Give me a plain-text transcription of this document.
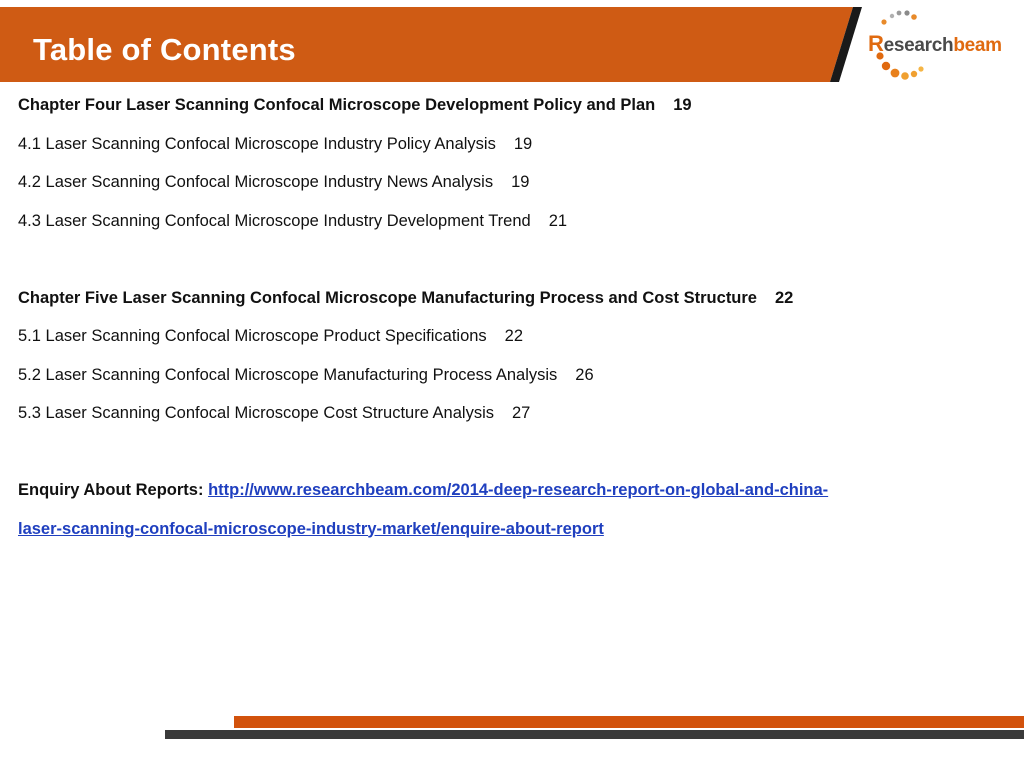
Table of Contents	Researchbeam
Chapter Four Laser Scanning Confocal Microscope Development Policy and Plan 19
4.1 Laser Scanning Confocal Microscope Industry Policy Analysis 19
4.2 Laser Scanning Confocal Microscope Industry News Analysis 19
4.3 Laser Scanning Confocal Microscope Industry Development Trend 21
Chapter Five Laser Scanning Confocal Microscope Manufacturing Process and Cost Structure 22
5.1 Laser Scanning Confocal Microscope Product Specifications 22
5.2 Laser Scanning Confocal Microscope Manufacturing Process Analysis 26
5.3 Laser Scanning Confocal Microscope Cost Structure Analysis 27
Enquiry About Reports: http://www.researchbeam.com/2014-deep-research-report-on-global-and-china-
laser-scanning-confocal-microscope-industry-market/enquire-about-report
